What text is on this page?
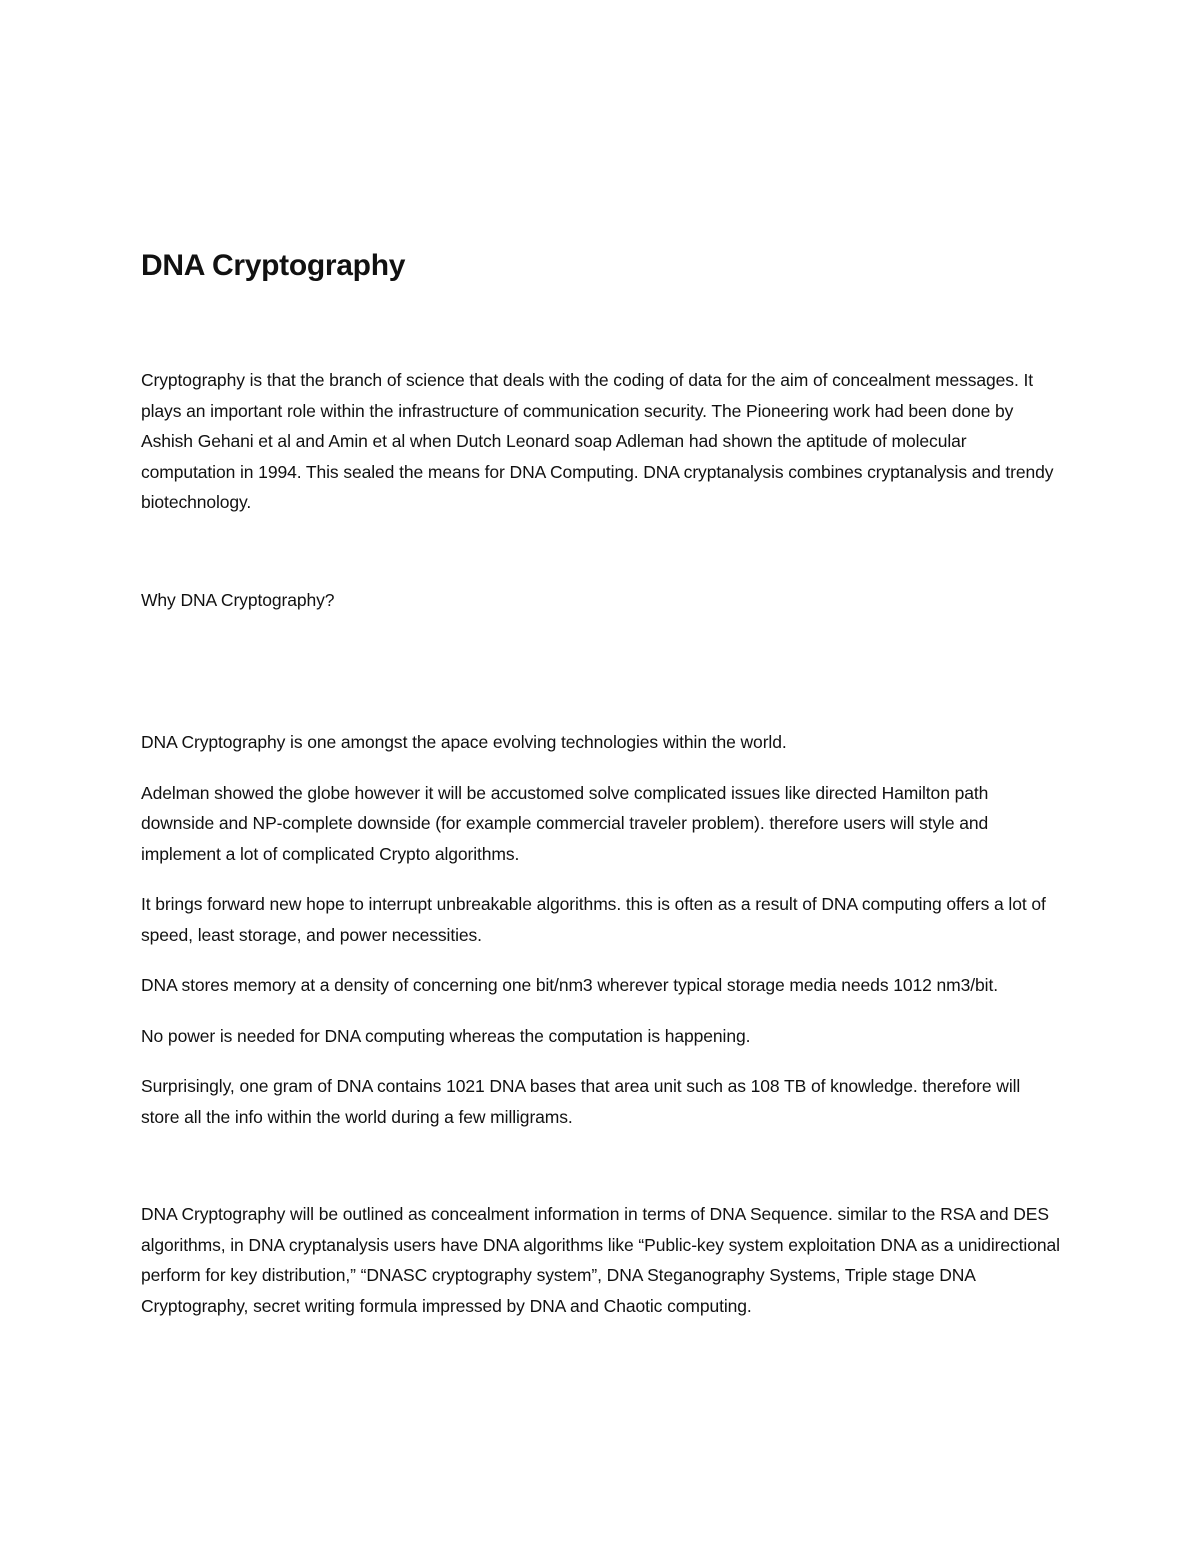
DNA Cryptography

Cryptography is that the branch of science that deals with the coding of data for the aim of concealment messages. It plays an important role within the infrastructure of communication security. The Pioneering work had been done by Ashish Gehani et al and Amin et al when Dutch Leonard soap Adleman had shown the aptitude of molecular computation in 1994. This sealed the means for DNA Computing. DNA cryptanalysis combines cryptanalysis and trendy biotechnology.

Why DNA Cryptography?

DNA Cryptography is one amongst the apace evolving technologies within the world.

Adelman showed the globe however it will be accustomed solve complicated issues like directed Hamilton path downside and NP-complete downside (for example commercial traveler problem). therefore users will style and implement a lot of complicated Crypto algorithms.

It brings forward new hope to interrupt unbreakable algorithms. this is often as a result of DNA computing offers a lot of speed, least storage, and power necessities.

DNA stores memory at a density of concerning one bit/nm3 wherever typical storage media needs 1012 nm3/bit.

No power is needed for DNA computing whereas the computation is happening.

Surprisingly, one gram of DNA contains 1021 DNA bases that area unit such as 108 TB of knowledge. therefore will store all the info within the world during a few milligrams.

DNA Cryptography will be outlined as concealment information in terms of DNA Sequence. similar to the RSA and DES algorithms, in DNA cryptanalysis users have DNA algorithms like “Public-key system exploitation DNA as a unidirectional perform for key distribution,” “DNASC cryptography system”, DNA Steganography Systems, Triple stage DNA Cryptography, secret writing formula impressed by DNA and Chaotic computing.
